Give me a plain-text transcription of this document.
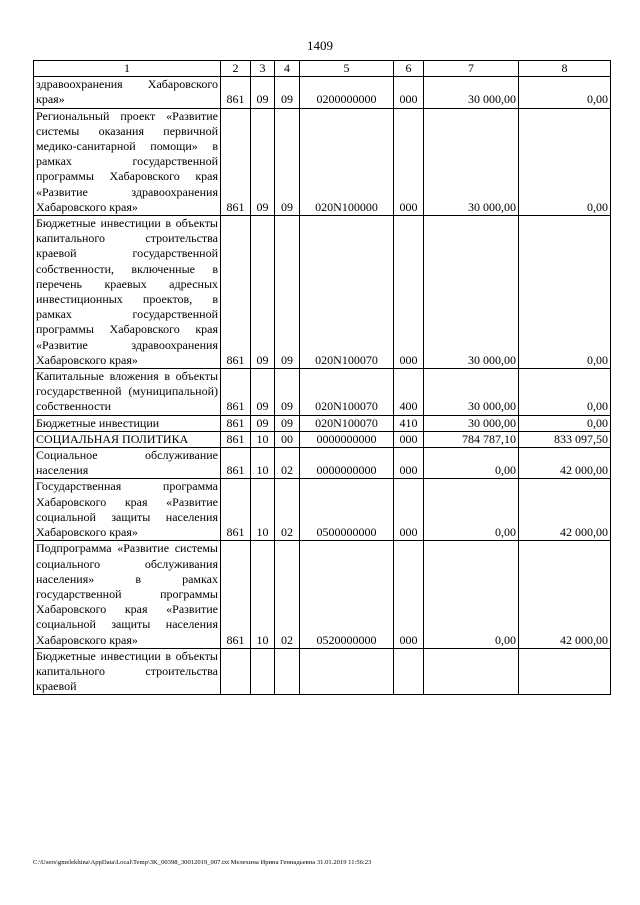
1409
1	2	3	4	5	6	7	8
здравоохранения Хабаровского края»	861	09	09	0200000000	000	30 000,00	0,00
Региональный проект «Развитие системы оказания первичной медико-санитарной помощи» в рамках государственной программы Хабаровского края «Развитие здравоохранения Хабаровского края»	861	09	09	020N100000	000	30 000,00	0,00
Бюджетные инвестиции в объекты капитального строительства краевой государственной собственности, включенные в перечень краевых адресных инвестиционных проектов, в рамках государственной программы Хабаровского края «Развитие здравоохранения Хабаровского края»	861	09	09	020N100070	000	30 000,00	0,00
Капитальные вложения в объекты государственной (муниципальной) собственности	861	09	09	020N100070	400	30 000,00	0,00
Бюджетные инвестиции	861	09	09	020N100070	410	30 000,00	0,00
СОЦИАЛЬНАЯ ПОЛИТИКА	861	10	00	0000000000	000	784 787,10	833 097,50
Социальное обслуживание населения	861	10	02	0000000000	000	0,00	42 000,00
Государственная программа Хабаровского края «Развитие социальной защиты населения Хабаровского края»	861	10	02	0500000000	000	0,00	42 000,00
Подпрограмма «Развитие системы социального обслуживания населения» в рамках государственной программы Хабаровского края «Развитие социальной защиты населения Хабаровского края»	861	10	02	0520000000	000	0,00	42 000,00
Бюджетные инвестиции в объекты капитального строительства краевой							
C:\Users\gmelekhina\AppData\Local\Temp\3K_00398_30012019_007.txt Мелехина Ирина Геннадьевна 31.01.2019 11:56:23
